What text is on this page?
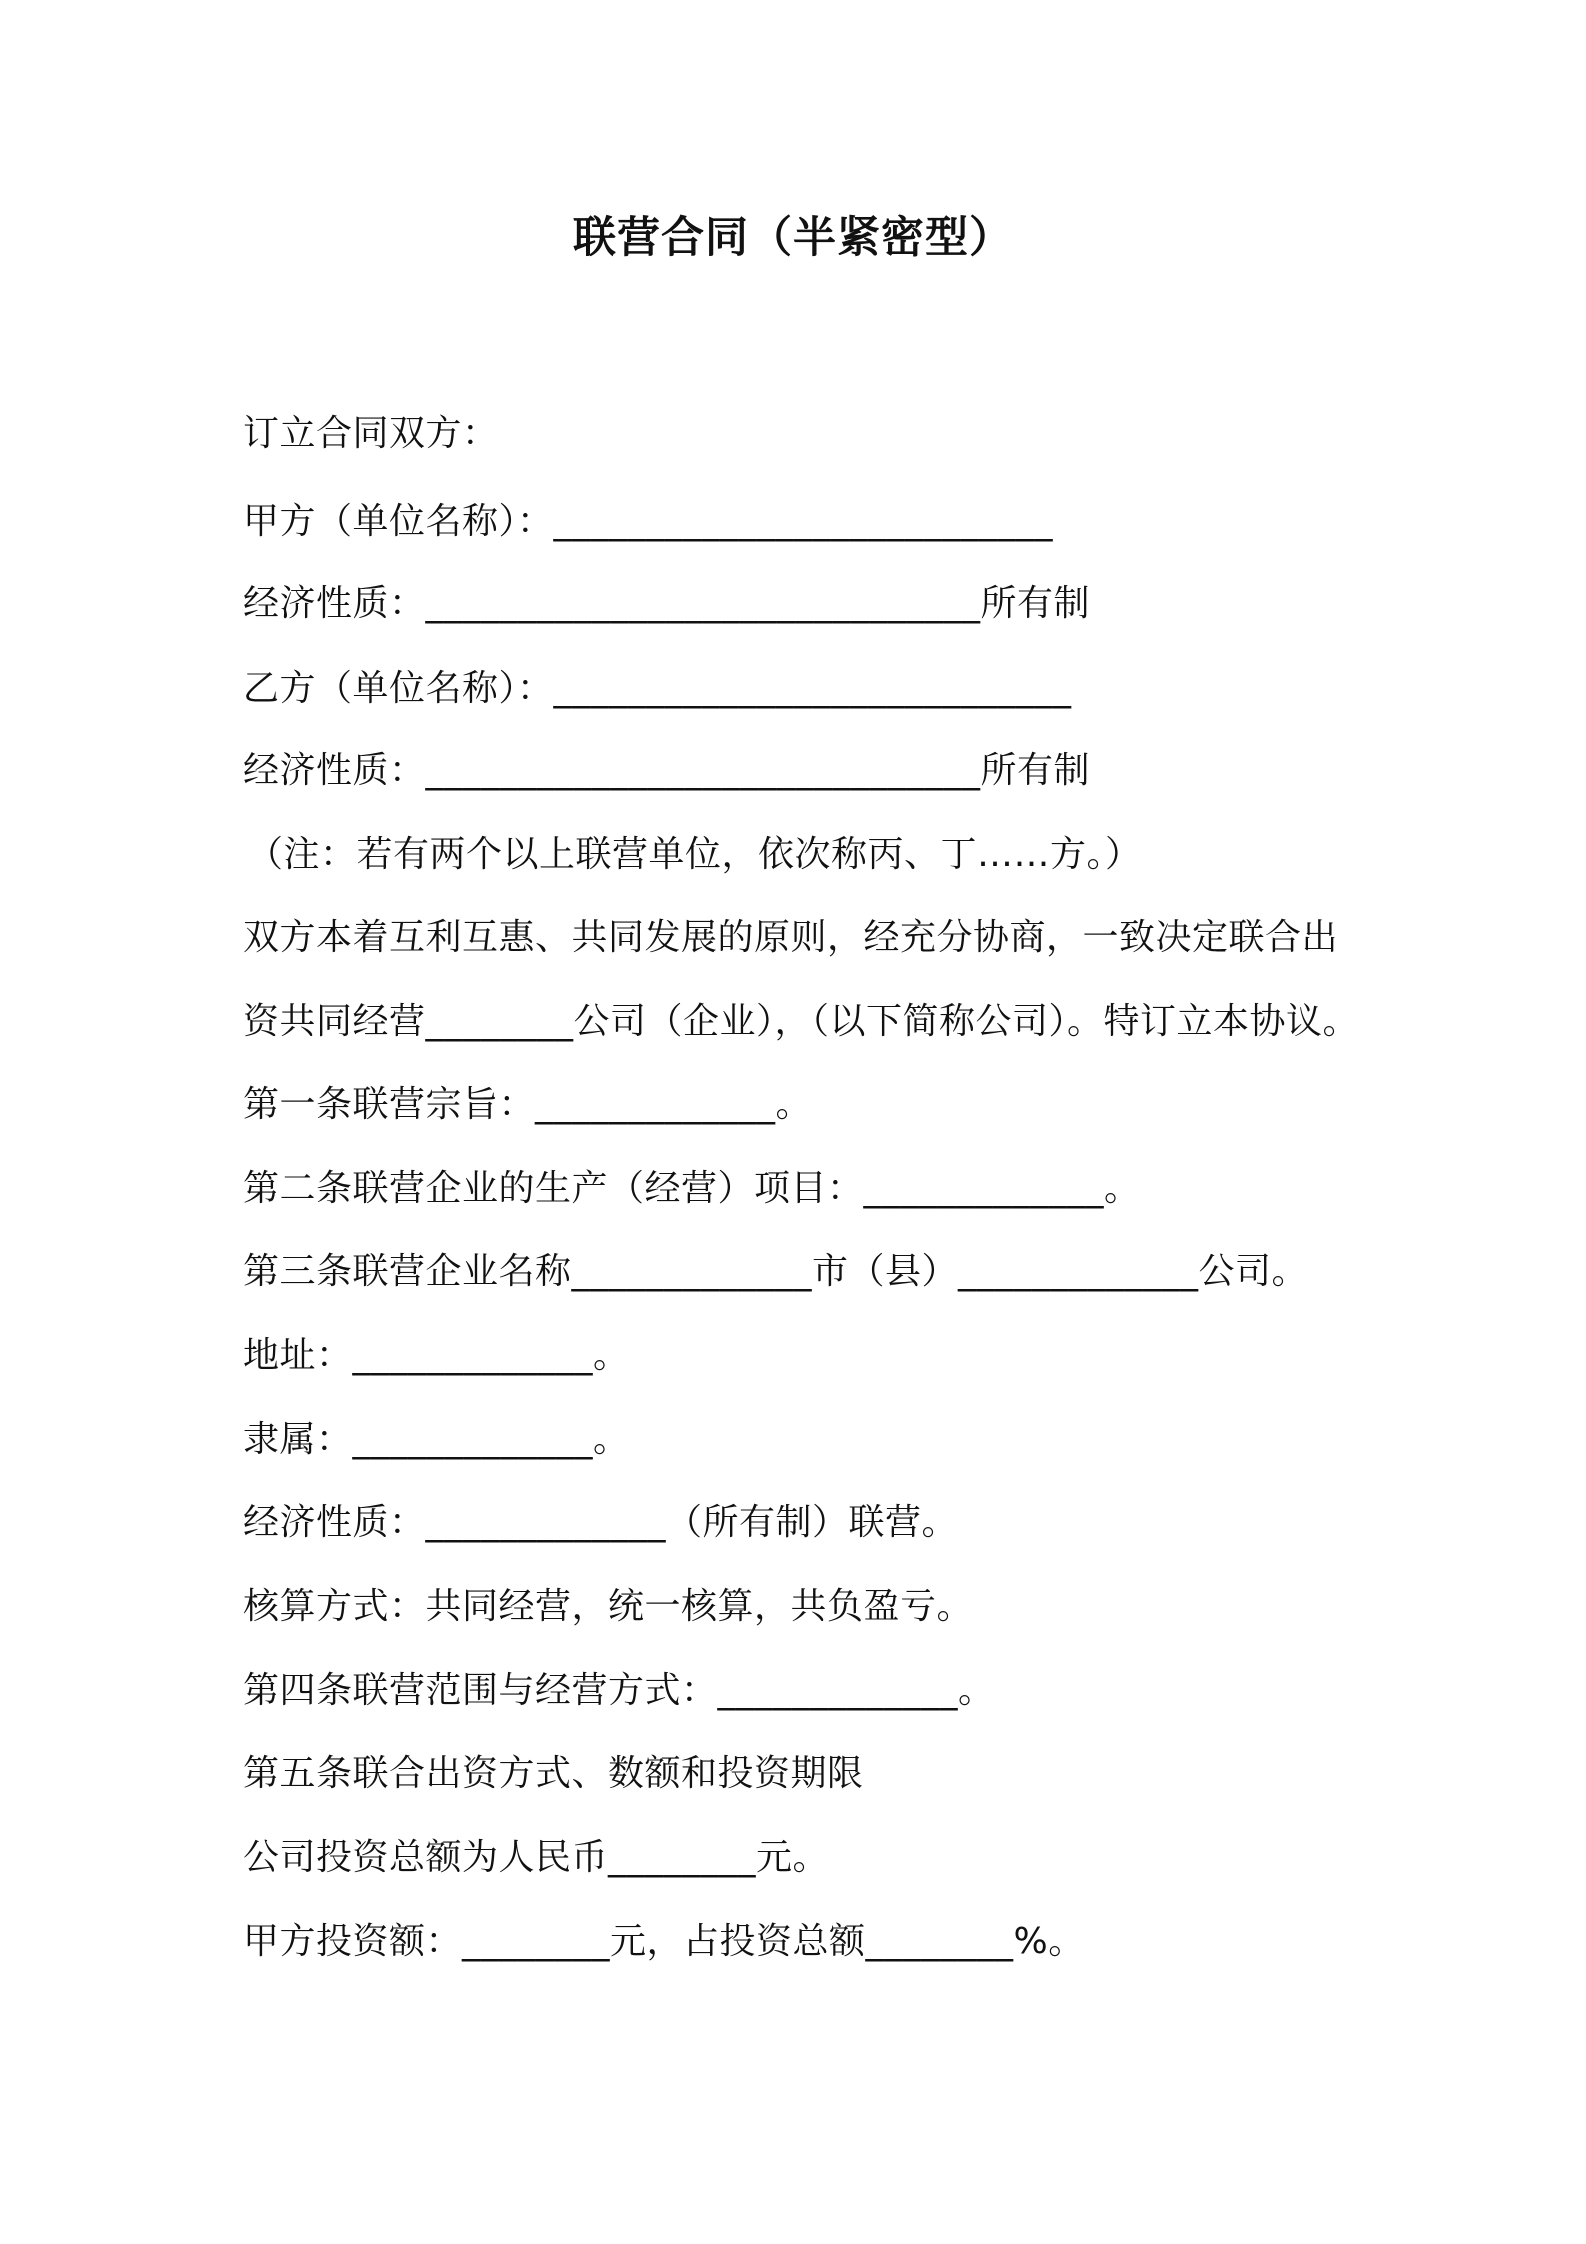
联营合同（半紧密型）
订立合同双方：
甲方（单位名称）：___________________________
经济性质：______________________________所有制
乙方（单位名称）：____________________________
经济性质：______________________________所有制
（注：若有两个以上联营单位，依次称丙、丁……方。）
双方本着互利互惠、共同发展的原则，经充分协商，一致决定联合出
资共同经营________公司（企业），（以下简称公司）。特订立本协议。
第一条联营宗旨：_____________。
第二条联营企业的生产（经营）项目：_____________。
第三条联营企业名称_____________市（县）_____________公司。
地址：_____________。
隶属：_____________。
经济性质：_____________（所有制）联营。
核算方式：共同经营，统一核算，共负盈亏。
第四条联营范围与经营方式：_____________。
第五条联合出资方式、数额和投资期限
公司投资总额为人民币________元。
甲方投资额：________元，占投资总额________%。
